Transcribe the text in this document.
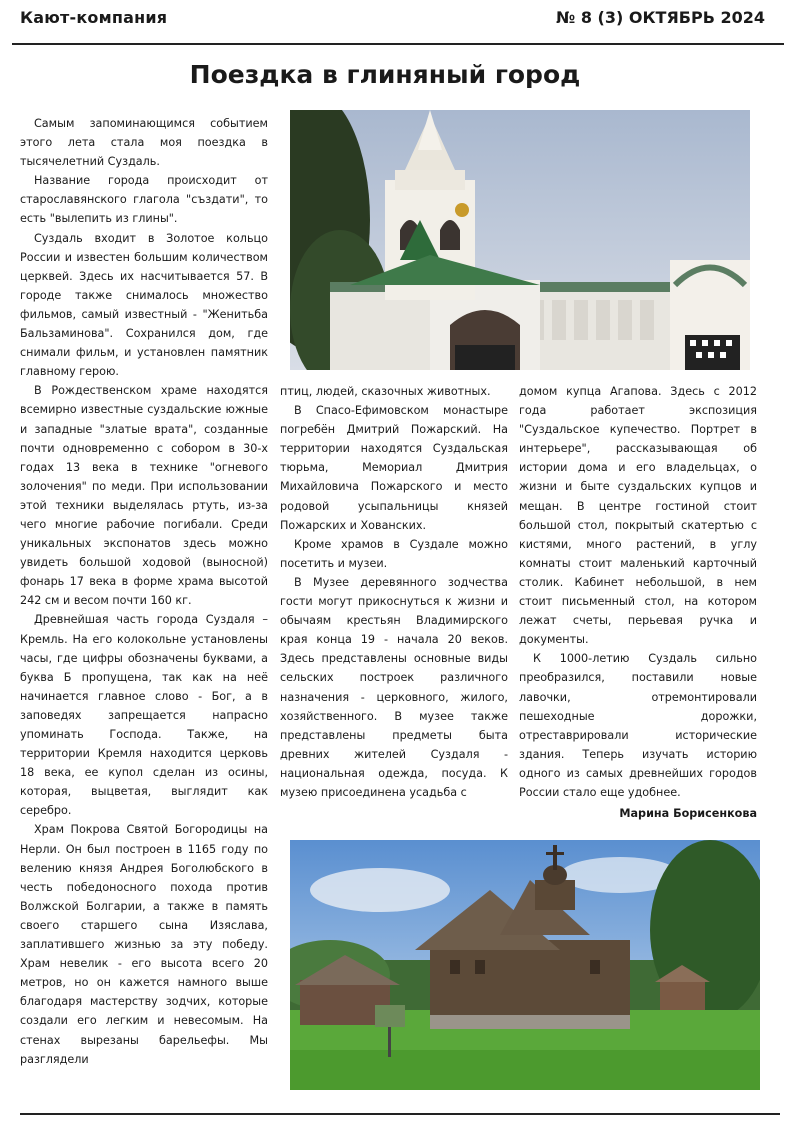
Кают-компания	№ 8 (3) ОКТЯБРЬ 2024
Поездка в глиняный город

Самым запоминающимся событием этого лета стала моя поездка в тысячелетний Суздаль.

Название города происходит от старославянского глагола "създати", то есть "вылепить из глины".

Суздаль входит в Золотое кольцо России и известен большим количеством церквей. Здесь их насчитывается 57. В городе также снималось множество фильмов, самый известный - "Женитьба Бальзаминова". Сохранился дом, где снимали фильм, и установлен памятник главному герою.

В Рождественском храме находятся всемирно известные суздальские южные и западные "златые врата", созданные почти одновременно с собором в 30-х годах 13 века в технике "огневого золочения" по меди. При использовании этой техники выделялась ртуть, из-за чего многие рабочие погибали. Среди уникальных экспонатов здесь можно увидеть большой ходовой (выносной) фонарь 17 века в форме храма высотой 242 см и весом почти 160 кг.

Древнейшая часть города Суздаля – Кремль. На его колокольне установлены часы, где цифры обозначены буквами, а буква Б пропущена, так как на неё начинается главное слово - Бог, а в заповедях запрещается напрасно упоминать Господа. Также, на территории Кремля находится церковь 18 века, ее купол сделан из осины, которая, выцветая, выглядит как серебро.

Храм Покрова Святой Богородицы на Нерли. Он был построен в 1165 году по велению князя Андрея Боголюбского в честь победоносного похода против Волжской Болгарии, а также в память своего старшего сына Изяслава, заплатившего жизнью за эту победу. Храм невелик - его высота всего 20 метров, но он кажется намного выше благодаря мастерству зодчих, которые создали его легким и невесомым. На стенах вырезаны барельефы. Мы разглядели

птиц, людей, сказочных животных.

В Спасо-Ефимовском монастыре погребён Дмитрий Пожарский. На территории находятся Суздальская тюрьма, Мемориал Дмитрия Михайловича Пожарского и место родовой усыпальницы князей Пожарских и Хованских.

Кроме храмов в Суздале можно посетить и музеи.

В Музее деревянного зодчества гости могут прикоснуться к жизни и обычаям крестьян Владимирского края конца 19 - начала 20 веков. Здесь представлены основные виды сельских построек различного назначения - церковного, жилого, хозяйственного. В музее также представлены предметы быта древних жителей Суздаля - национальная одежда, посуда. К музею присоединена усадьба с

домом купца Агапова. Здесь с 2012 года работает экспозиция "Суздальское купечество. Портрет в интерьере", рассказывающая об истории дома и его владельцах, о жизни и быте суздальских купцов и мещан. В центре гостиной стоит большой стол, покрытый скатертью с кистями, много растений, в углу комнаты стоит маленький карточный столик. Кабинет небольшой, в нем стоит письменный стол, на котором лежат счеты, перьевая ручка и документы.

К 1000-летию Суздаль сильно преобразился, поставили новые лавочки, отремонтировали пешеходные дорожки, отреставрировали исторические здания. Теперь изучать историю одного из самых древнейших городов России стало еще удобнее.

Марина Борисенкова
